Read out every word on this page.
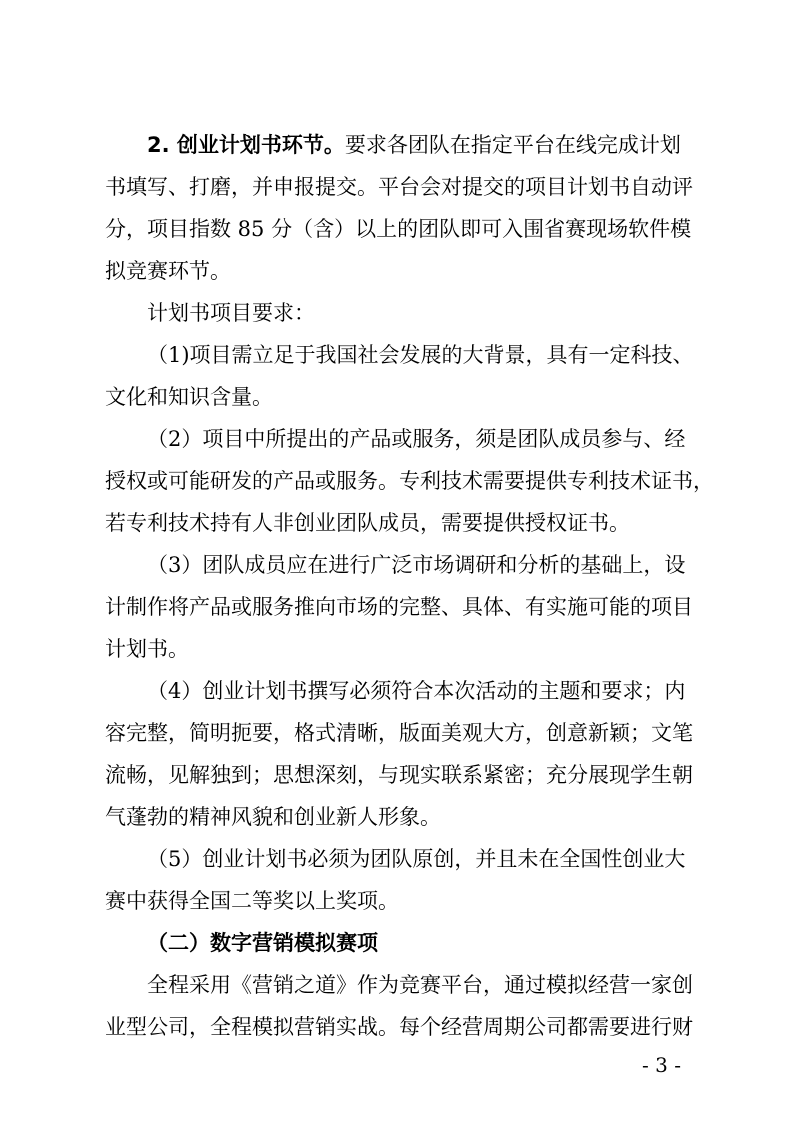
2. 创业计划书环节。要求各团队在指定平台在线完成计划
书填写、打磨，并申报提交。平台会对提交的项目计划书自动评
分，项目指数 85 分（含）以上的团队即可入围省赛现场软件模
拟竞赛环节。
计划书项目要求：
（1)项目需立足于我国社会发展的大背景，具有一定科技、
文化和知识含量。
（2）项目中所提出的产品或服务，须是团队成员参与、经
授权或可能研发的产品或服务。专利技术需要提供专利技术证书，
若专利技术持有人非创业团队成员，需要提供授权证书。
（3）团队成员应在进行广泛市场调研和分析的基础上，设
计制作将产品或服务推向市场的完整、具体、有实施可能的项目
计划书。
（4）创业计划书撰写必须符合本次活动的主题和要求；内
容完整，简明扼要，格式清晰，版面美观大方，创意新颖；文笔
流畅，见解独到；思想深刻，与现实联系紧密；充分展现学生朝
气蓬勃的精神风貌和创业新人形象。
（5）创业计划书必须为团队原创，并且未在全国性创业大
赛中获得全国二等奖以上奖项。
（二）数字营销模拟赛项
全程采用《营销之道》作为竞赛平台，通过模拟经营一家创
业型公司，全程模拟营销实战。每个经营周期公司都需要进行财
- 3 -
